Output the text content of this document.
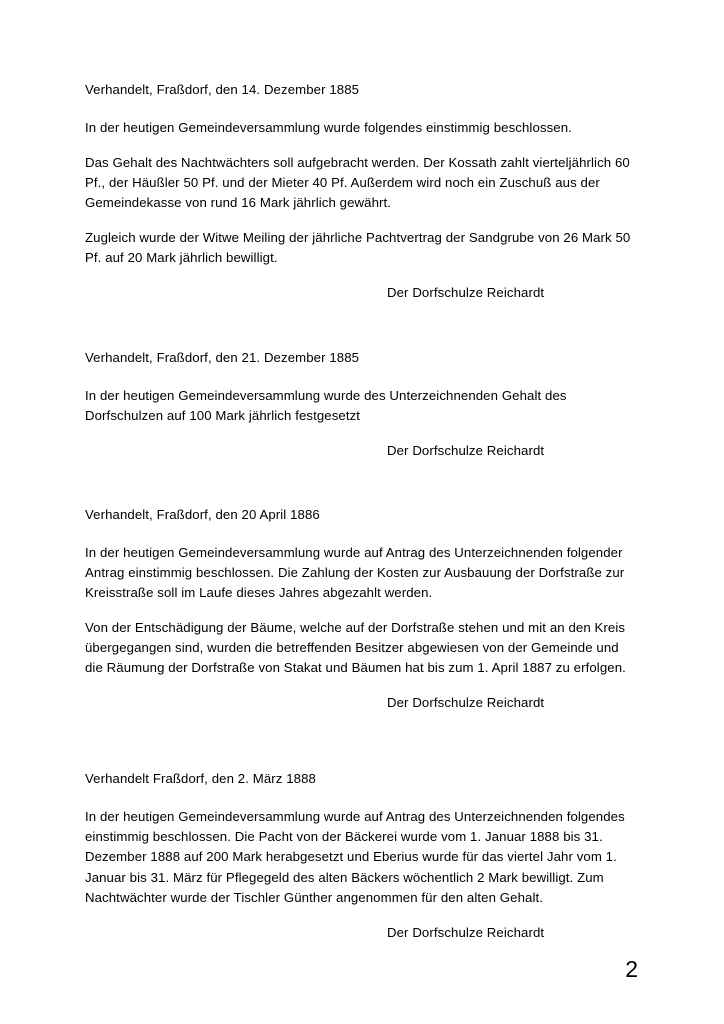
Verhandelt, Fraßdorf, den 14. Dezember 1885

In der heutigen Gemeindeversammlung wurde folgendes einstimmig beschlossen.

Das Gehalt des Nachtwächters soll aufgebracht werden. Der Kossath zahlt vierteljährlich 60 Pf., der Häußler 50 Pf. und der Mieter 40 Pf. Außerdem wird noch ein Zuschuß aus der Gemeindekasse von rund 16 Mark jährlich gewährt.

Zugleich wurde der Witwe Meiling der jährliche Pachtvertrag der Sandgrube von 26 Mark 50 Pf. auf 20 Mark jährlich bewilligt.

Der Dorfschulze Reichardt

Verhandelt, Fraßdorf, den 21. Dezember 1885

In der heutigen Gemeindeversammlung wurde des Unterzeichnenden Gehalt des Dorfschulzen auf 100 Mark jährlich festgesetzt

Der Dorfschulze Reichardt

Verhandelt, Fraßdorf, den 20 April 1886

In der heutigen Gemeindeversammlung wurde auf Antrag des Unterzeichnenden folgender Antrag einstimmig beschlossen. Die Zahlung der Kosten zur Ausbauung der Dorfstraße zur Kreisstraße soll im Laufe dieses Jahres abgezahlt werden.

Von der Entschädigung der Bäume, welche auf der Dorfstraße stehen und mit an den Kreis übergegangen sind, wurden die betreffenden Besitzer abgewiesen von der Gemeinde und die Räumung der Dorfstraße von Stakat und Bäumen hat bis zum 1. April 1887 zu erfolgen.

Der Dorfschulze Reichardt

Verhandelt Fraßdorf, den 2. März 1888

In der heutigen Gemeindeversammlung wurde auf Antrag des Unterzeichnenden folgendes einstimmig beschlossen. Die Pacht von der Bäckerei wurde vom 1. Januar 1888 bis 31. Dezember 1888 auf 200 Mark herabgesetzt und Eberius wurde für das viertel Jahr vom 1. Januar bis 31. März für Pflegegeld des alten Bäckers wöchentlich 2 Mark bewilligt. Zum Nachtwächter wurde der Tischler Günther angenommen für den alten Gehalt.

Der Dorfschulze Reichardt

2
